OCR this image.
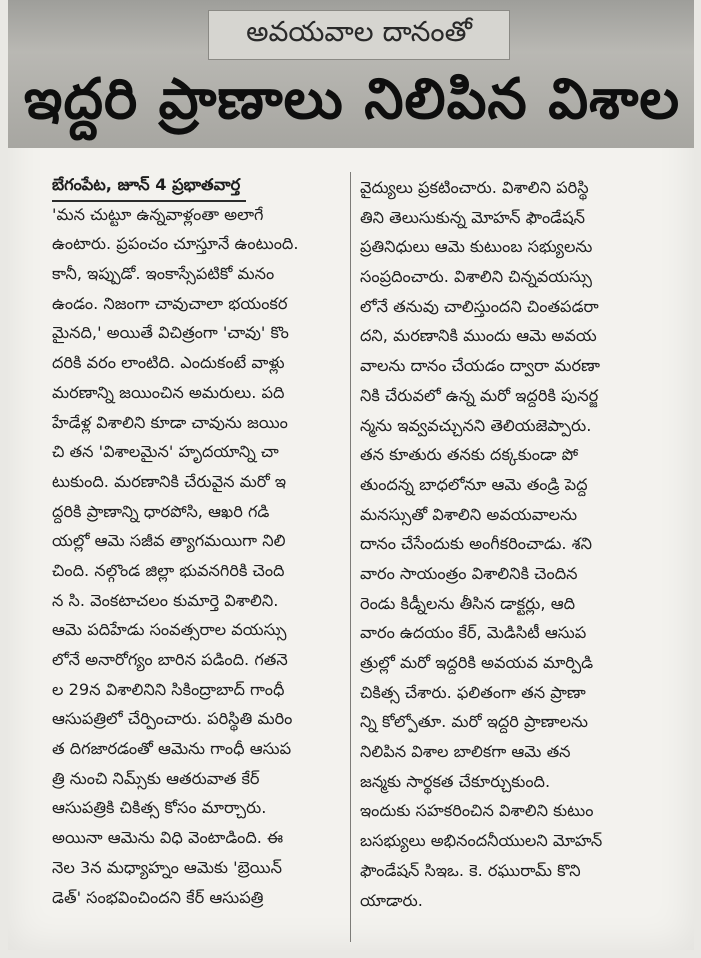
అవయవాల దానంతో
ఇద్దరి ప్రాణాలు నిలిపిన విశాల
బేగంపేట, జూన్ 4 ప్రభాతవార్త
'మన చుట్టూ ఉన్నవాళ్లంతా అలాగే
ఉంటారు. ప్రపంచం చూస్తూనే ఉంటుంది.
కానీ, ఇప్పుడో. ఇంకాస్సేపటికో మనం
ఉండం. నిజంగా చావుచాలా భయంకర
మైనది,' అయితే విచిత్రంగా 'చావు' కొం
దరికి వరం లాంటిది. ఎందుకంటే వాళ్లు
మరణాన్ని జయించిన అమరులు. పది
హేడేళ్ల విశాలిని కూడా చావును జయిం
చి తన 'విశాలమైన' హృదయాన్ని చా
టుకుంది. మరణానికి చేరువైన మరో ఇ
ద్దరికి ప్రాణాన్ని ధారపోసి, ఆఖరి గడి
యల్లో ఆమె సజీవ త్యాగమయిగా నిలి
చింది. నల్గొండ జిల్లా భువనగిరికి చెంది
న సి. వెంకటాచలం కుమార్తె విశాలిని.
ఆమె పదిహేడు సంవత్సరాల వయస్సు
లోనే అనారోగ్యం బారిన పడింది. గతనె
ల 29న విశాలినిని సికింద్రాబాద్ గాంధీ
ఆసుపత్రిలో చేర్పించారు. పరిస్థితి మరిం
త దిగజారడంతో ఆమెను గాంధీ ఆసుప
త్రి నుంచి నిమ్స్‌కు ఆతరువాత కేర్
ఆసుపత్రికి చికిత్స కోసం మార్చారు.
అయినా ఆమెను విధి వెంటాడింది. ఈ
నెల 3న మధ్యాహ్నం ఆమెకు 'బ్రెయిన్
డెత్' సంభవించిందని కేర్ ఆసుపత్రి
వైద్యులు ప్రకటించారు. విశాలిని పరిస్థి
తిని తెలుసుకున్న మోహన్ ఫౌండేషన్
ప్రతినిధులు ఆమె కుటుంబ సభ్యులను
సంప్రదించారు. విశాలిని చిన్నవయస్సు
లోనే తనువు చాలిస్తుందని చింతపడరా
దని, మరణానికి ముందు ఆమె అవయ
వాలను దానం చేయడం ద్వారా మరణా
నికి చేరువలో ఉన్న మరో ఇద్దరికి పునర్జ
న్మను ఇవ్వవచ్చునని తెలియజెప్పారు.
తన కూతురు తనకు దక్కకుండా పో
తుందన్న బాధలోనూ ఆమె తండ్రి పెద్ద
మనస్సుతో విశాలిని అవయవాలను
దానం చేసేందుకు అంగీకరించాడు. శని
వారం సాయంత్రం విశాలినికి చెందిన
రెండు కిడ్నీలను తీసిన డాక్టర్లు, ఆది
వారం ఉదయం కేర్, మెడిసిటీ ఆసుప
త్రుల్లో మరో ఇద్దరికి అవయవ మార్పిడి
చికిత్స చేశారు. ఫలితంగా తన ప్రాణా
న్ని కోల్పోతూ. మరో ఇద్దరి ప్రాణాలను
నిలిపిన విశాల బాలికగా ఆమె తన
జన్మకు సార్థకత చేకూర్చుకుంది.
ఇందుకు సహకరించిన విశాలిని కుటుం
బసభ్యులు అభినందనీయులని మోహన్
ఫౌండేషన్ సిఇఒ. కె. రఘురామ్ కొని
యాడారు.
